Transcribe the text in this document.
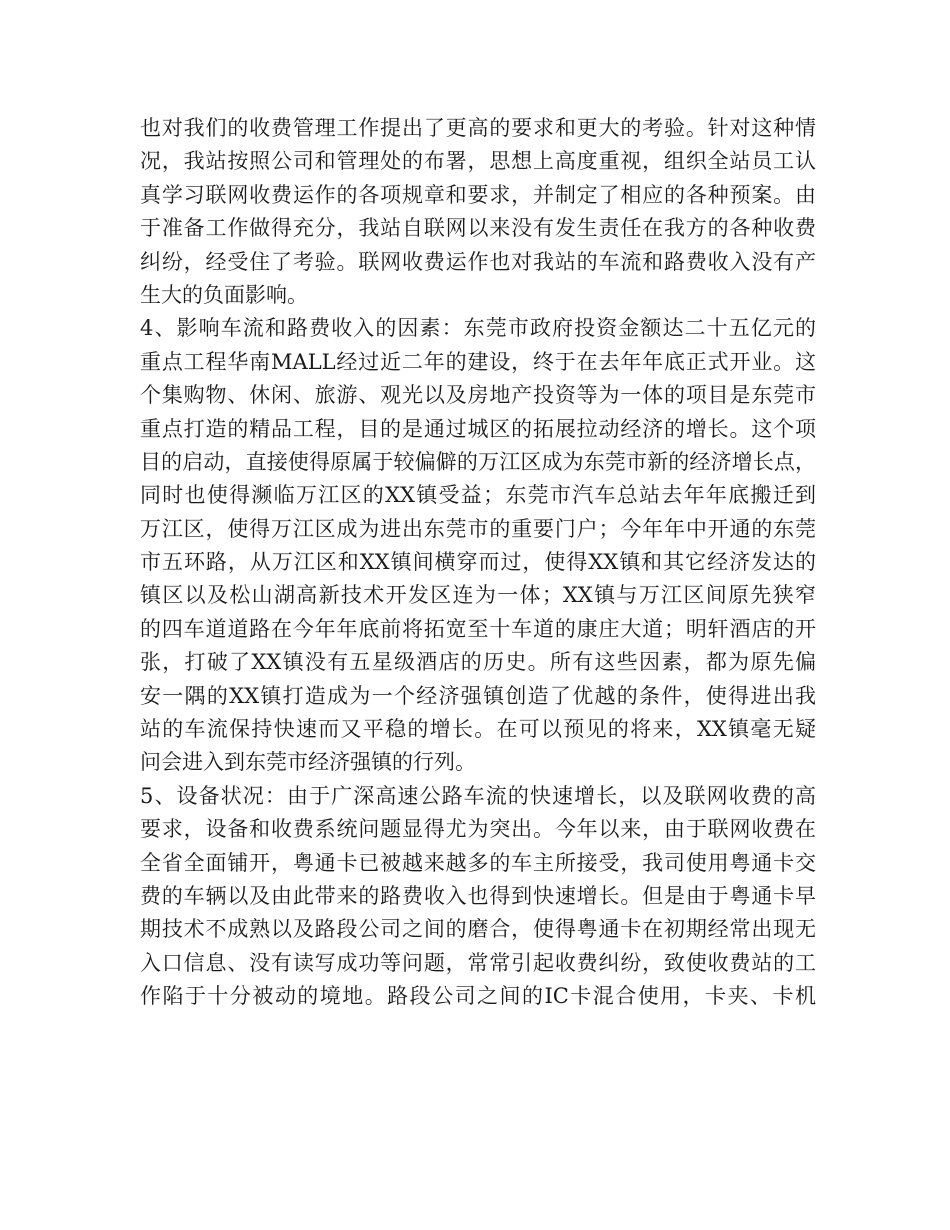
也对我们的收费管理工作提出了更高的要求和更大的考验。针对这种情
况，我站按照公司和管理处的布署，思想上高度重视，组织全站员工认
真学习联网收费运作的各项规章和要求，并制定了相应的各种预案。由
于准备工作做得充分，我站自联网以来没有发生责任在我方的各种收费
纠纷，经受住了考验。联网收费运作也对我站的车流和路费收入没有产
生大的负面影响。
4、影响车流和路费收入的因素：东莞市政府投资金额达二十五亿元的
重点工程华南MALL经过近二年的建设，终于在去年年底正式开业。这
个集购物、休闲、旅游、观光以及房地产投资等为一体的项目是东莞市
重点打造的精品工程，目的是通过城区的拓展拉动经济的增长。这个项
目的启动，直接使得原属于较偏僻的万江区成为东莞市新的经济增长点，
同时也使得濒临万江区的XX镇受益；东莞市汽车总站去年年底搬迁到
万江区，使得万江区成为进出东莞市的重要门户；今年年中开通的东莞
市五环路，从万江区和XX镇间横穿而过，使得XX镇和其它经济发达的
镇区以及松山湖高新技术开发区连为一体；XX镇与万江区间原先狭窄
的四车道道路在今年年底前将拓宽至十车道的康庄大道；明轩酒店的开
张，打破了XX镇没有五星级酒店的历史。所有这些因素，都为原先偏
安一隅的XX镇打造成为一个经济强镇创造了优越的条件，使得进出我
站的车流保持快速而又平稳的增长。在可以预见的将来，XX镇毫无疑
问会进入到东莞市经济强镇的行列。
5、设备状况：由于广深高速公路车流的快速增长，以及联网收费的高
要求，设备和收费系统问题显得尤为突出。今年以来，由于联网收费在
全省全面铺开，粤通卡已被越来越多的车主所接受，我司使用粤通卡交
费的车辆以及由此带来的路费收入也得到快速增长。但是由于粤通卡早
期技术不成熟以及路段公司之间的磨合，使得粤通卡在初期经常出现无
入口信息、没有读写成功等问题，常常引起收费纠纷，致使收费站的工
作陷于十分被动的境地。路段公司之间的IC卡混合使用，卡夹、卡机
